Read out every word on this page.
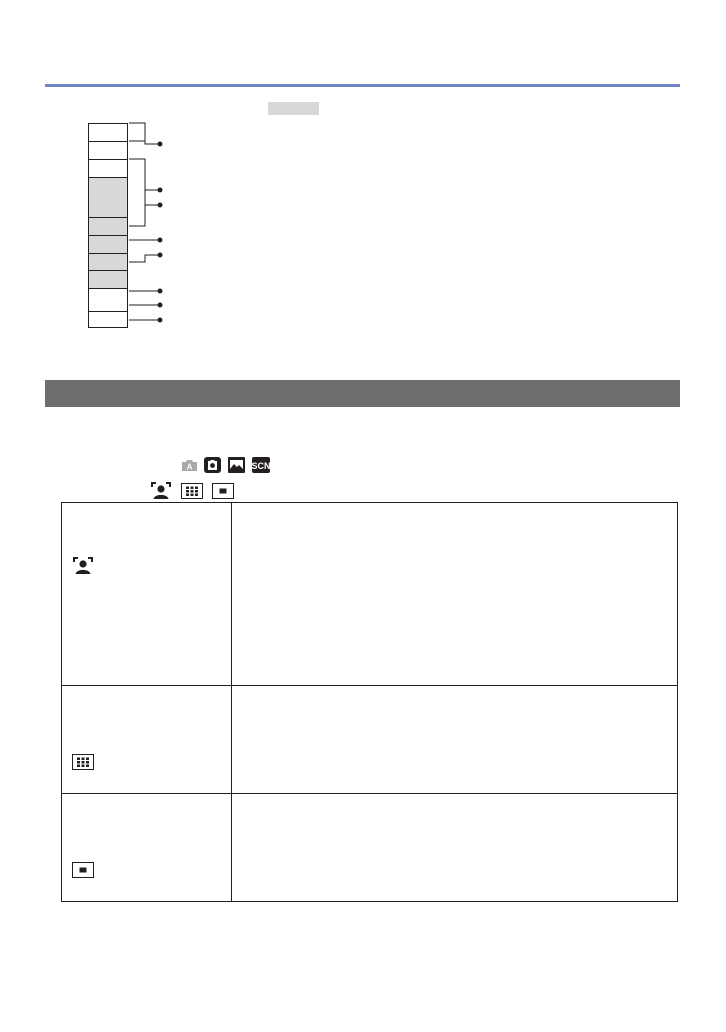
A	SCN
